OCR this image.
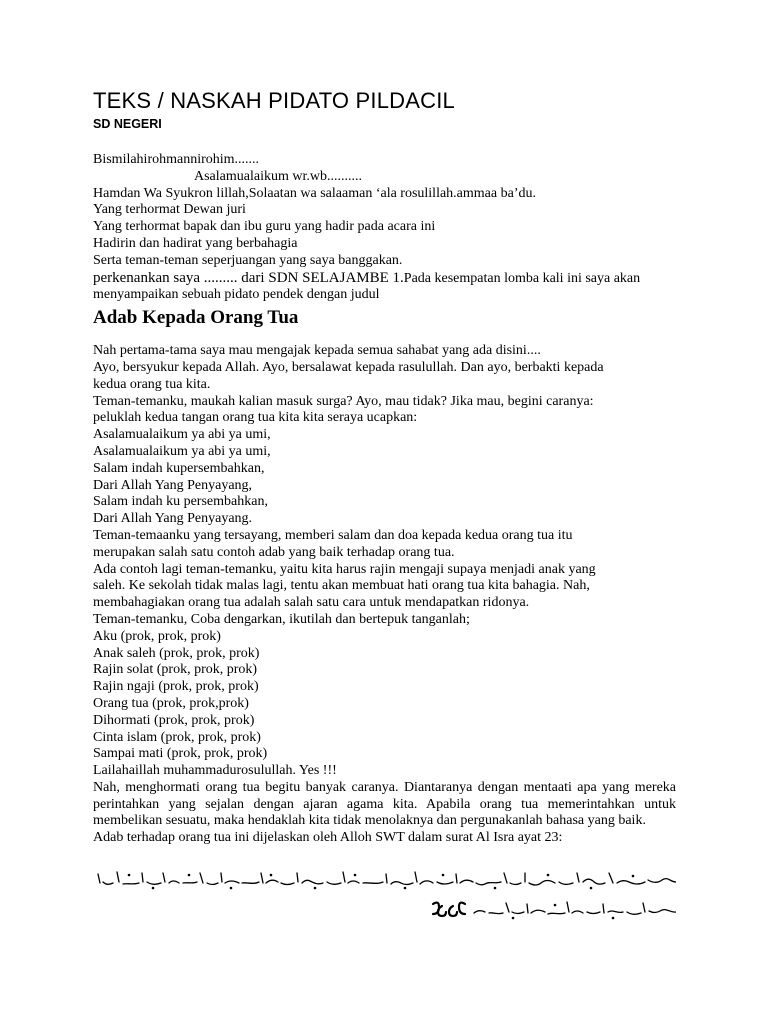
TEKS / NASKAH PIDATO PILDACIL
SD NEGERI
Bismilahirohmannirohim.......
Asalamualaikum wr.wb..........
Hamdan Wa Syukron lillah,Solaatan wa salaaman ‘ala rosulillah.ammaa ba’du.
Yang terhormat Dewan juri
Yang terhormat bapak dan ibu guru yang hadir pada acara ini
Hadirin dan hadirat yang berbahagia
Serta teman-teman seperjuangan yang saya banggakan.
perkenankan saya ......... dari SDN SELAJAMBE 1.Pada kesempatan lomba kali ini saya akan menyampaikan sebuah pidato pendek dengan judul
Adab Kepada Orang Tua
Nah pertama-tama saya mau mengajak kepada semua sahabat yang ada disini....
Ayo, bersyukur kepada Allah. Ayo, bersalawat kepada rasulullah. Dan ayo, berbakti kepada
kedua orang tua kita.
Teman-temanku, maukah kalian masuk surga? Ayo, mau tidak? Jika mau, begini caranya:
peluklah kedua tangan orang tua kita kita seraya ucapkan:
Asalamualaikum ya abi ya umi,
Asalamualaikum ya abi ya umi,
Salam indah kupersembahkan,
Dari Allah Yang Penyayang,
Salam indah ku persembahkan,
Dari Allah Yang Penyayang.
Teman-temaanku yang tersayang, memberi salam dan doa kepada kedua orang tua itu
merupakan salah satu contoh adab yang baik terhadap orang tua.
Ada contoh lagi teman-temanku, yaitu kita harus rajin mengaji supaya menjadi anak yang
saleh. Ke sekolah tidak malas lagi, tentu akan membuat hati orang tua kita bahagia. Nah,
membahagiakan orang tua adalah salah satu cara untuk mendapatkan ridonya.
Teman-temanku, Coba dengarkan, ikutilah dan bertepuk tanganlah;
Aku (prok, prok, prok)
Anak saleh (prok, prok, prok)
Rajin solat (prok, prok, prok)
Rajin ngaji (prok, prok, prok)
Orang tua (prok, prok,prok)
Dihormati (prok, prok, prok)
Cinta islam (prok, prok, prok)
Sampai mati (prok, prok, prok)
Lailahaillah muhammadurosulullah. Yes !!!
Nah, menghormati orang tua begitu banyak caranya. Diantaranya dengan mentaati apa yang mereka perintahkan yang sejalan dengan ajaran agama kita. Apabila orang tua memerintahkan untuk membelikan sesuatu, maka hendaklah kita tidak menolaknya dan pergunakanlah bahasa yang baik.
Adab terhadap orang tua ini dijelaskan oleh Alloh SWT dalam surat Al Isra ayat 23:
